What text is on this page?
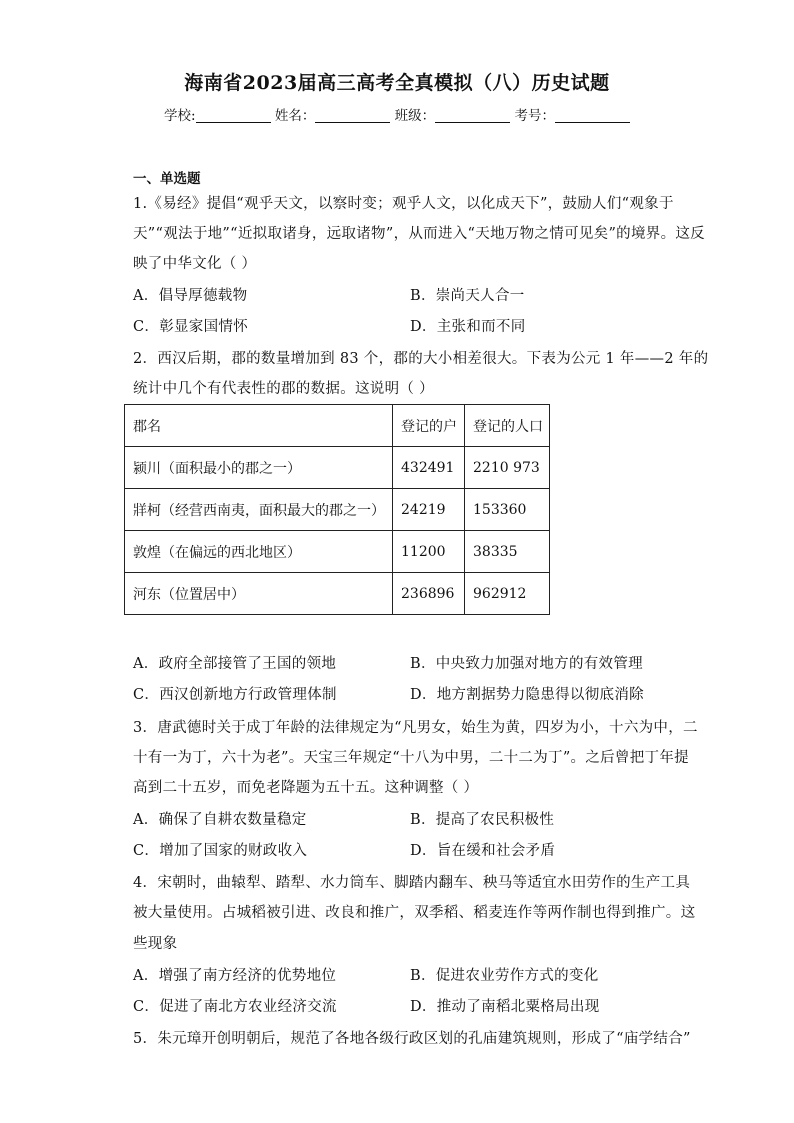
海南省2023届高三高考全真模拟（八）历史试题
学校:	姓名：	班级：	考号：
一、单选题
1.《易经》提倡“观乎天文，以察时变；观乎人文，以化成天下”，鼓励人们“观象于
天”“观法于地”“近拟取诸身，远取诸物”，从而进入“天地万物之情可见矣”的境界。这反
映了中华文化（ ）
A．倡导厚德载物	B．崇尚天人合一
C．彰显家国情怀	D．主张和而不同
2．西汉后期，郡的数量增加到 83 个，郡的大小相差很大。下表为公元 1 年——2 年的
统计中几个有代表性的郡的数据。这说明（ ）
郡名	登记的户	登记的人口
颍川（面积最小的郡之一）	432491	2210 973
牂柯（经营西南夷，面积最大的郡之一）	24219	153360
敦煌（在偏远的西北地区）	11200	38335
河东（位置居中）	236896	962912
A．政府全部接管了王国的领地	B．中央致力加强对地方的有效管理
C．西汉创新地方行政管理体制	D．地方割据势力隐患得以彻底消除
3．唐武德时关于成丁年龄的法律规定为“凡男女，始生为黄，四岁为小，十六为中，二
十有一为丁，六十为老”。天宝三年规定“十八为中男，二十二为丁”。之后曾把丁年提
高到二十五岁，而免老降题为五十五。这种调整（ ）
A．确保了自耕农数量稳定	B．提高了农民积极性
C．增加了国家的财政收入	D．旨在缓和社会矛盾
4．宋朝时，曲辕犁、踏犁、水力筒车、脚踏内翻车、秧马等适宜水田劳作的生产工具
被大量使用。占城稻被引进、改良和推广，双季稻、稻麦连作等两作制也得到推广。这
些现象
A．增强了南方经济的优势地位	B．促进农业劳作方式的变化
C．促进了南北方农业经济交流	D．推动了南稻北粟格局出现
5．朱元璋开创明朝后，规范了各地各级行政区划的孔庙建筑规则，形成了“庙学结合”
